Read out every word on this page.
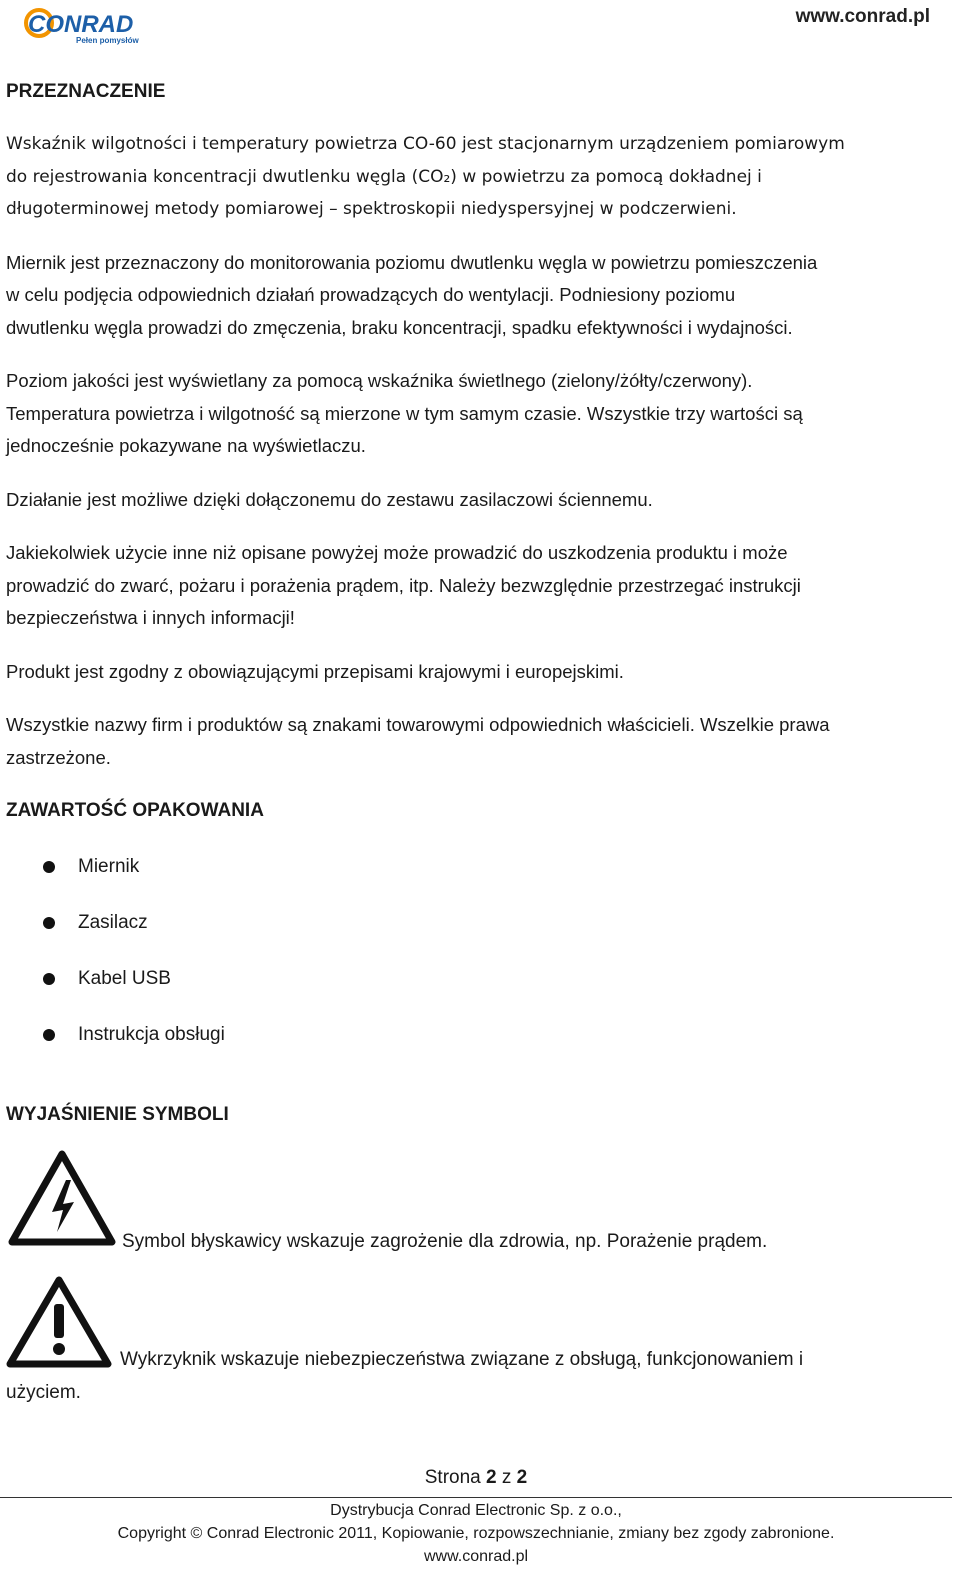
CONRAD
Pełen pomysłów
www.conrad.pl

PRZEZNACZENIE

Wskaźnik wilgotności i temperatury powietrza CO-60 jest stacjonarnym urządzeniem pomiarowym
do rejestrowania koncentracji dwutlenku węgla (CO₂) w powietrzu za pomocą dokładnej i
długoterminowej metody pomiarowej – spektroskopii niedyspersyjnej w podczerwieni.
Miernik jest przeznaczony do monitorowania poziomu dwutlenku węgla w powietrzu pomieszczenia
w celu podjęcia odpowiednich działań prowadzących do wentylacji. Podniesiony poziomu
dwutlenku węgla prowadzi do zmęczenia, braku koncentracji, spadku efektywności i wydajności.
Poziom jakości jest wyświetlany za pomocą wskaźnika świetlnego (zielony/żółty/czerwony).
Temperatura powietrza i wilgotność są mierzone w tym samym czasie. Wszystkie trzy wartości są
jednocześnie pokazywane na wyświetlaczu.
Działanie jest możliwe dzięki dołączonemu do zestawu zasilaczowi ściennemu.
Jakiekolwiek użycie inne niż opisane powyżej może prowadzić do uszkodzenia produktu i może
prowadzić do zwarć, pożaru i porażenia prądem, itp. Należy bezwzględnie przestrzegać instrukcji
bezpieczeństwa i innych informacji!
Produkt jest zgodny z obowiązującymi przepisami krajowymi i europejskimi.
Wszystkie nazwy firm i produktów są znakami towarowymi odpowiednich właścicieli. Wszelkie prawa
zastrzeżone.

ZAWARTOŚĆ OPAKOWANIA

Miernik
Zasilacz
Kabel USB
Instrukcja obsługi

WYJAŚNIENIE SYMBOLI

Symbol błyskawicy wskazuje zagrożenie dla zdrowia, np. Porażenie prądem.
Wykrzyknik wskazuje niebezpieczeństwa związane z obsługą, funkcjonowaniem i
użyciem.
Strona 2 z 2
Dystrybucja Conrad Electronic Sp. z o.o.,
Copyright © Conrad Electronic 2011, Kopiowanie, rozpowszechnianie, zmiany bez zgody zabronione.
www.conrad.pl
